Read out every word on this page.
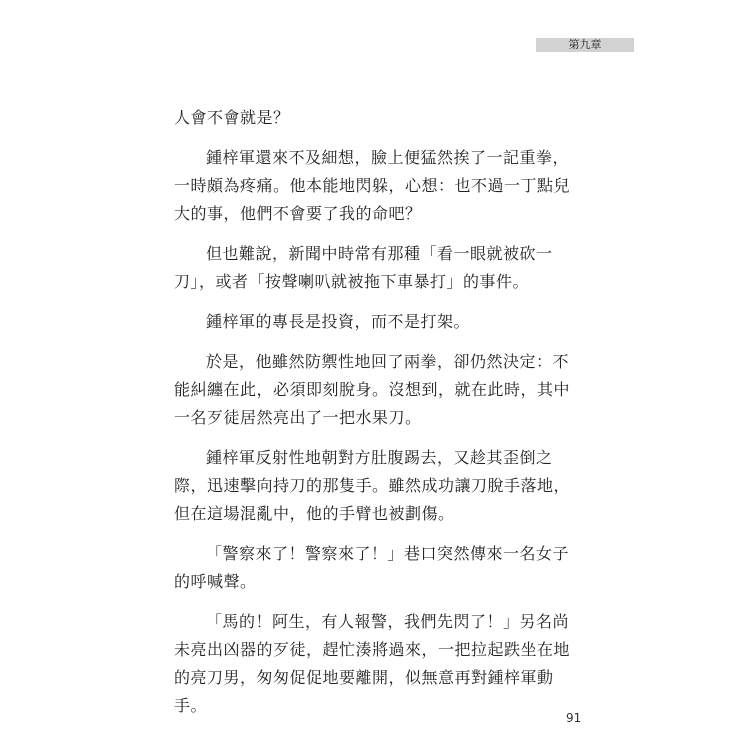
第九章

人會不會就是？

鍾梓軍還來不及細想，臉上便猛然挨了一記重拳，一時頗為疼痛。他本能地閃躲，心想：也不過一丁點兒大的事，他們不會要了我的命吧？

但也難說，新聞中時常有那種「看一眼就被砍一刀」，或者「按聲喇叭就被拖下車暴打」的事件。

鍾梓軍的專長是投資，而不是打架。

於是，他雖然防禦性地回了兩拳，卻仍然決定：不能糾纏在此，必須即刻脫身。沒想到，就在此時，其中一名歹徒居然亮出了一把水果刀。

鍾梓軍反射性地朝對方肚腹踢去，又趁其歪倒之際，迅速擊向持刀的那隻手。雖然成功讓刀脫手落地，但在這場混亂中，他的手臂也被劃傷。

「警察來了！警察來了！」巷口突然傳來一名女子的呼喊聲。

「馬的！阿生，有人報警，我們先閃了！」另名尚未亮出凶器的歹徒，趕忙湊將過來，一把拉起跌坐在地的亮刀男，匆匆促促地要離開，似無意再對鍾梓軍動手。

91
